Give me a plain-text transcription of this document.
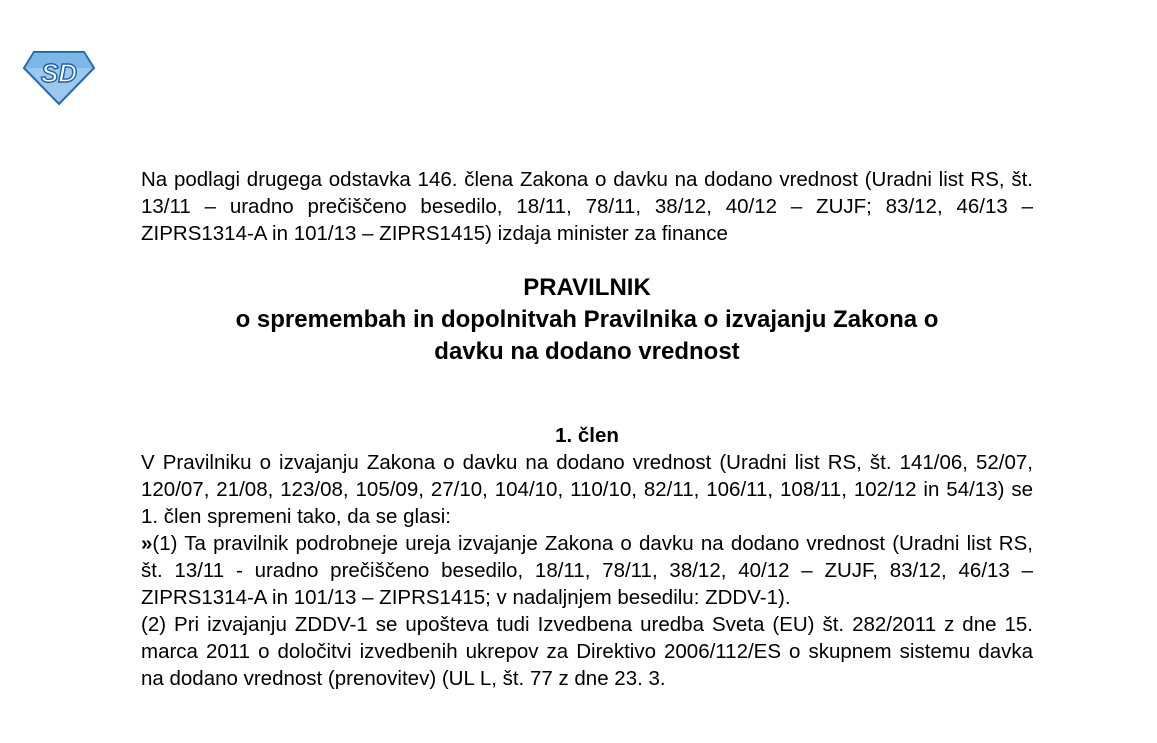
SD

Na podlagi drugega odstavka 146. člena Zakona o davku na dodano vrednost (Uradni list RS, št. 13/11 – uradno prečiščeno besedilo, 18/11, 78/11, 38/12, 40/12 – ZUJF; 83/12, 46/13 – ZIPRS1314-A in 101/13 – ZIPRS1415) izdaja minister za finance

PRAVILNIK
o spremembah in dopolnitvah Pravilnika o izvajanju Zakona o
davku na dodano vrednost
1. člen

V Pravilniku o izvajanju Zakona o davku na dodano vrednost (Uradni list RS, št. 141/06, 52/07, 120/07, 21/08, 123/08, 105/09, 27/10, 104/10, 110/10, 82/11, 106/11, 108/11, 102/12 in 54/13) se 1. člen spremeni tako, da se glasi:

»(1) Ta pravilnik podrobneje ureja izvajanje Zakona o davku na dodano vrednost (Uradni list RS, št. 13/11 - uradno prečiščeno besedilo, 18/11, 78/11, 38/12, 40/12 – ZUJF, 83/12, 46/13 – ZIPRS1314-A in 101/13 – ZIPRS1415; v nadaljnjem besedilu: ZDDV-1).

(2) Pri izvajanju ZDDV-1 se upošteva tudi Izvedbena uredba Sveta (EU) št. 282/2011 z dne 15. marca 2011 o določitvi izvedbenih ukrepov za Direktivo 2006/112/ES o skupnem sistemu davka na dodano vrednost (prenovitev) (UL L, št. 77 z dne 23. 3.
